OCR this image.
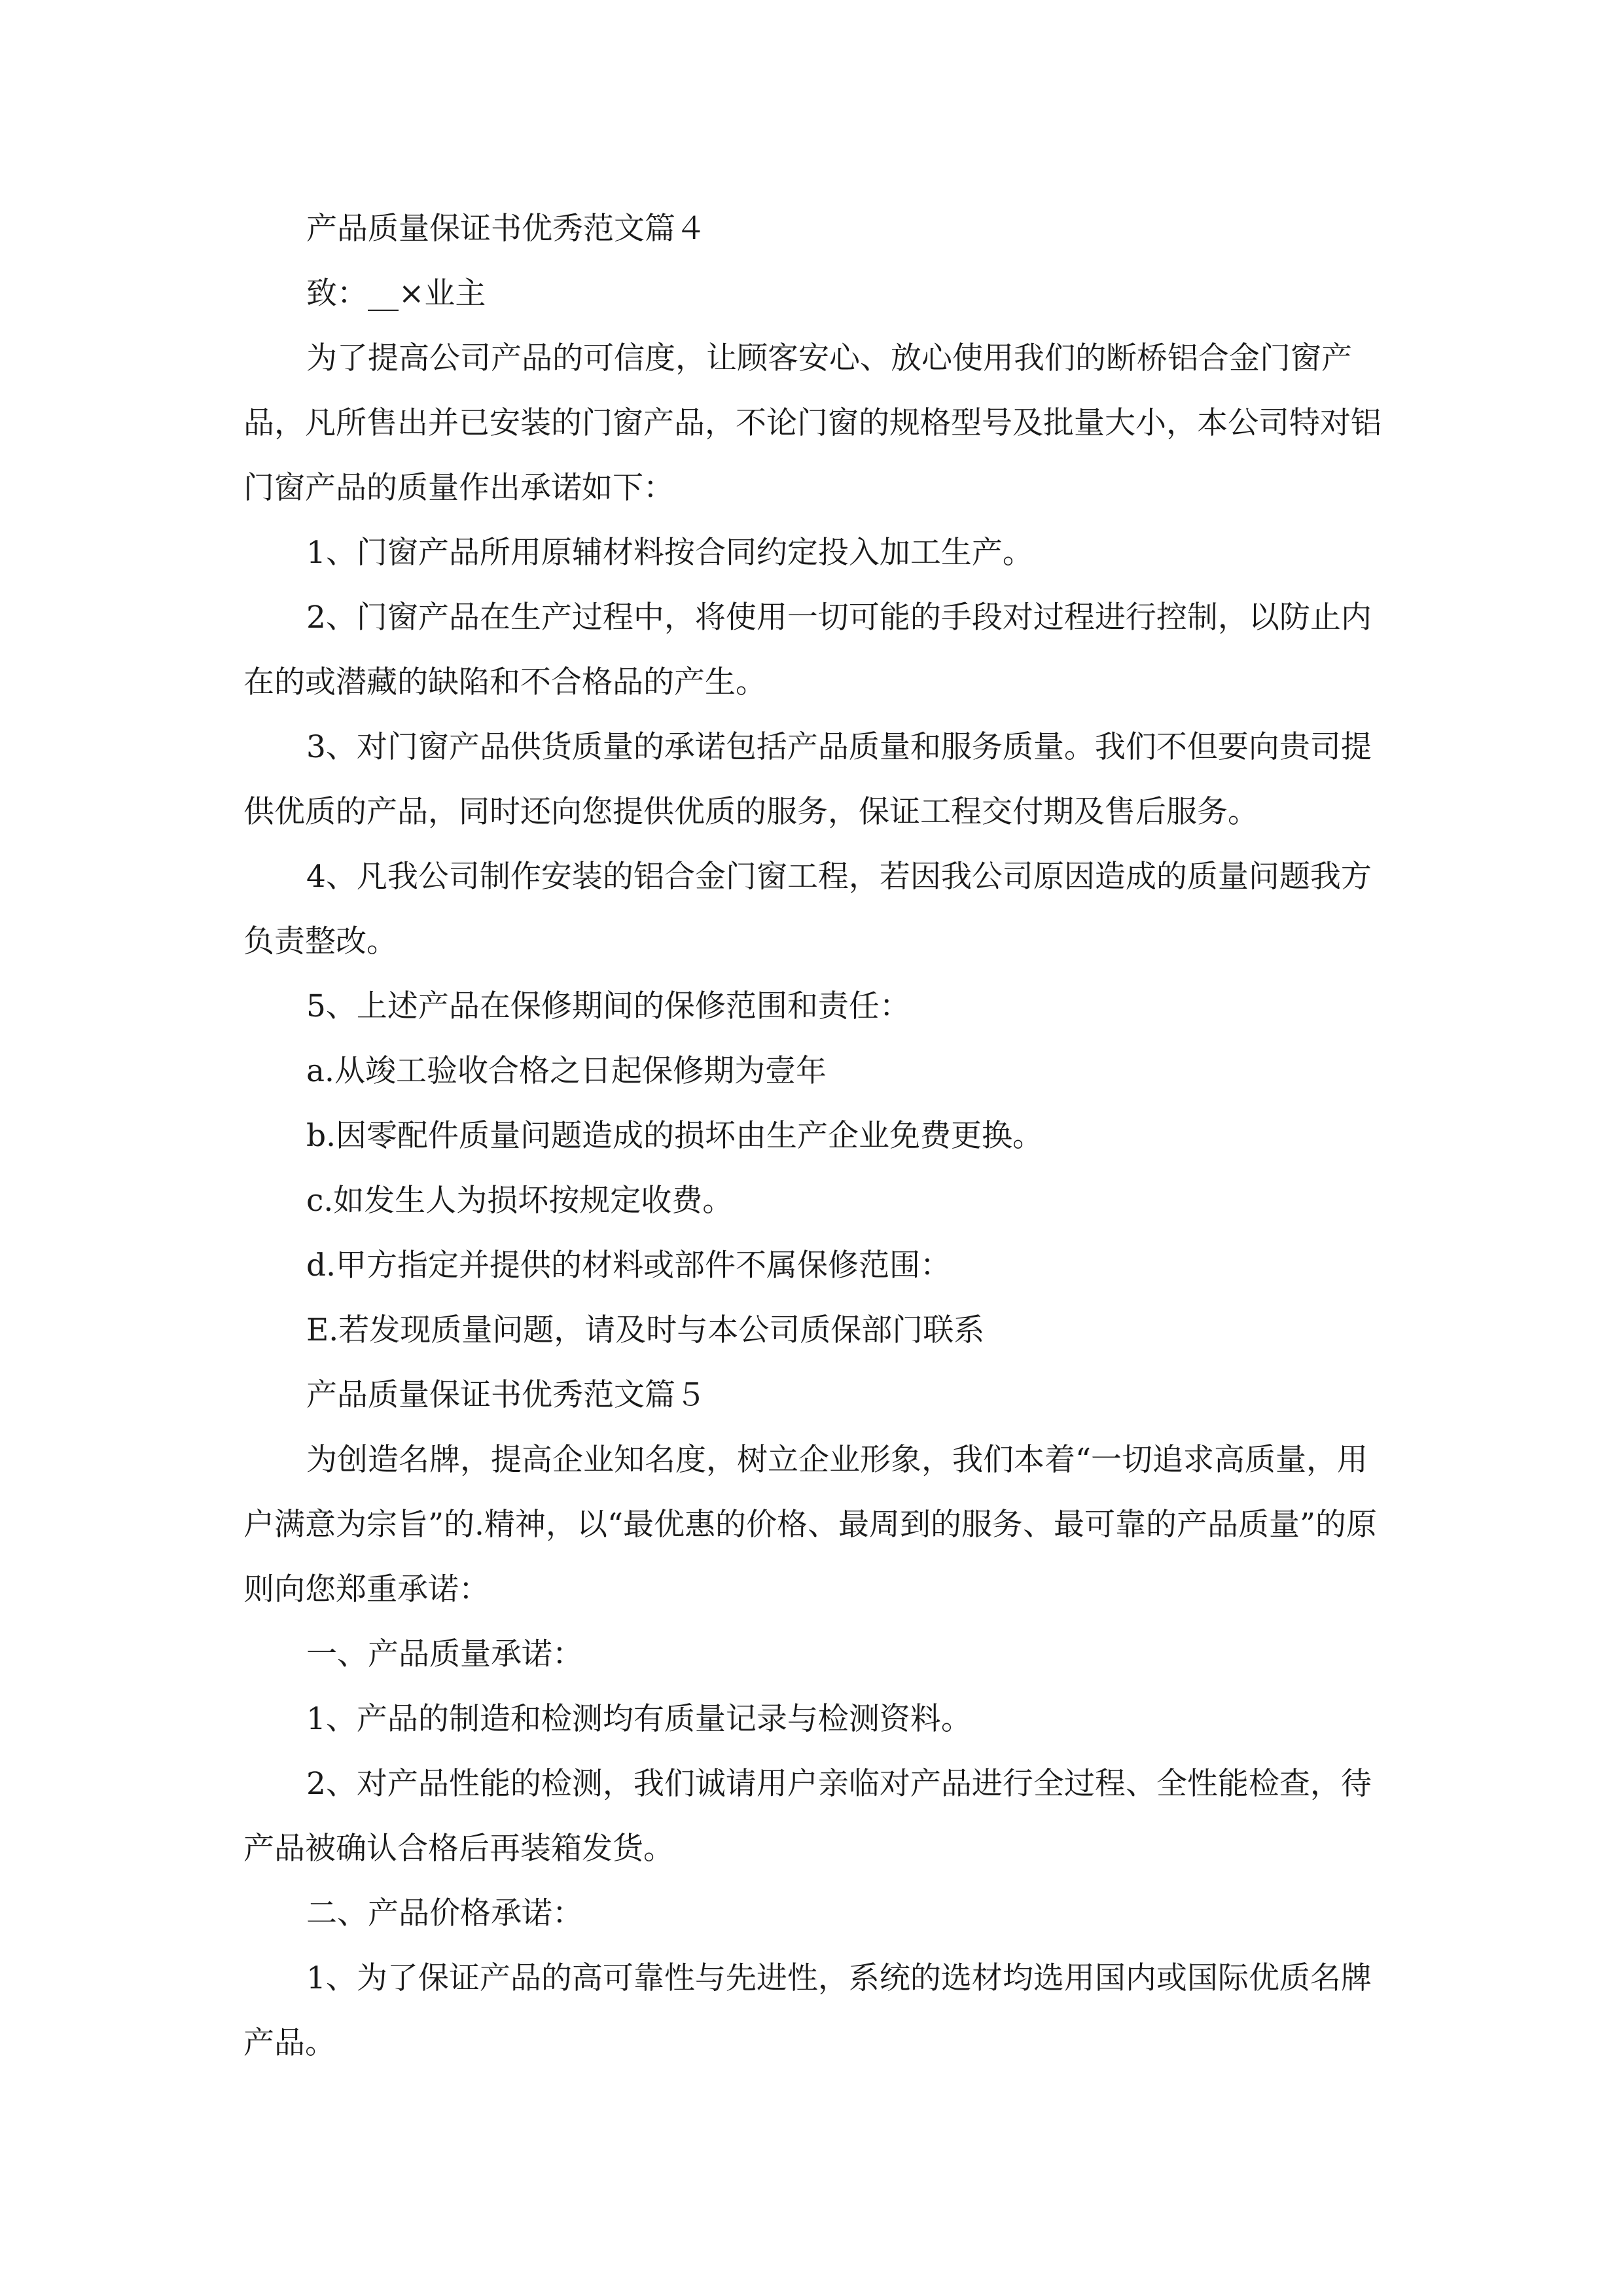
产品质量保证书优秀范文篇４

致：__×业主

为了提高公司产品的可信度，让顾客安心、放心使用我们的断桥铝合金门窗产品，凡所售出并已安装的门窗产品，不论门窗的规格型号及批量大小，本公司特对铝门窗产品的质量作出承诺如下：

1、门窗产品所用原辅材料按合同约定投入加工生产。

2、门窗产品在生产过程中，将使用一切可能的手段对过程进行控制，以防止内在的或潜藏的缺陷和不合格品的产生。

3、对门窗产品供货质量的承诺包括产品质量和服务质量。我们不但要向贵司提供优质的产品，同时还向您提供优质的服务，保证工程交付期及售后服务。

4、凡我公司制作安装的铝合金门窗工程，若因我公司原因造成的质量问题我方负责整改。

5、上述产品在保修期间的保修范围和责任：

a.从竣工验收合格之日起保修期为壹年

b.因零配件质量问题造成的损坏由生产企业免费更换。

c.如发生人为损坏按规定收费。

d.甲方指定并提供的材料或部件不属保修范围：

E.若发现质量问题，请及时与本公司质保部门联系

产品质量保证书优秀范文篇５

为创造名牌，提高企业知名度，树立企业形象，我们本着“一切追求高质量，用户满意为宗旨”的.精神，以“最优惠的价格、最周到的服务、最可靠的产品质量”的原则向您郑重承诺：

一、产品质量承诺：

1、产品的制造和检测均有质量记录与检测资料。

2、对产品性能的检测，我们诚请用户亲临对产品进行全过程、全性能检查，待产品被确认合格后再装箱发货。

二、产品价格承诺：

1、为了保证产品的高可靠性与先进性，系统的选材均选用国内或国际优质名牌产品。
